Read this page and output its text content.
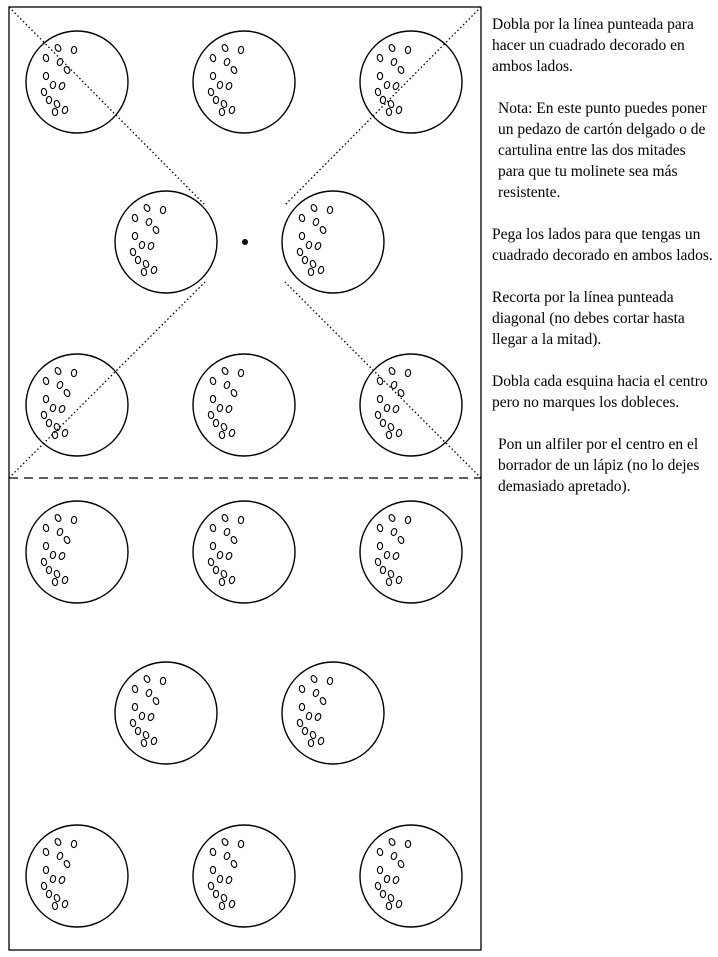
Dobla por la línea punteada para hacer un cuadrado decorado en ambos lados.

Nota: En este punto puedes poner un pedazo de cartón delgado o de cartulina entre las dos mitades para que tu molinete sea más resistente.

Pega los lados para que tengas un cuadrado decorado en ambos lados.

Recorta por la línea punteada diagonal (no debes cortar hasta llegar a la mitad).

Dobla cada esquina hacia el centro pero no marques los dobleces.

Pon un alfiler por el centro en el borrador de un lápiz (no lo dejes demasiado apretado).
